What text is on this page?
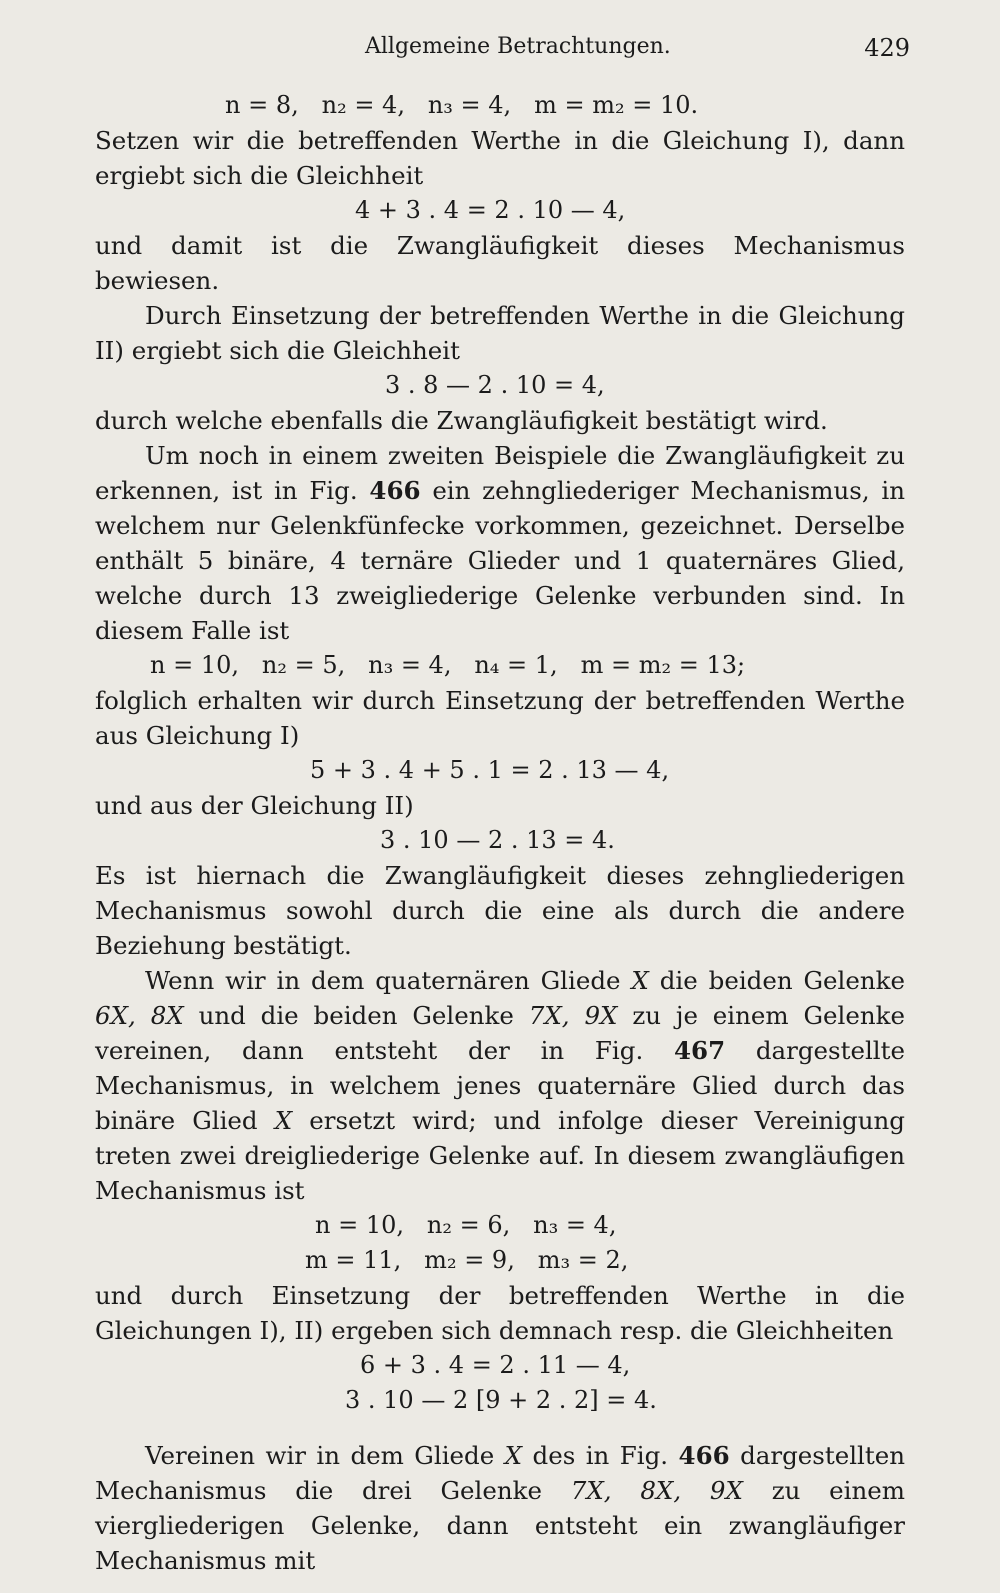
Allgemeine Betrachtungen.	429
n = 8,   n₂ = 4,   n₃ = 4,   m = m₂ = 10.

Setzen wir die betreffenden Werthe in die Gleichung I), dann ergiebt sich die Gleichheit

4 + 3 . 4 = 2 . 10 — 4,

und damit ist die Zwangläufigkeit dieses Mechanismus bewiesen.

Durch Einsetzung der betreffenden Werthe in die Gleichung II) ergiebt sich die Gleichheit

3 . 8 — 2 . 10 = 4,

durch welche ebenfalls die Zwangläufigkeit bestätigt wird.

Um noch in einem zweiten Beispiele die Zwangläufigkeit zu erkennen, ist in Fig. 466 ein zehngliederiger Mechanismus, in welchem nur Gelenkfünfecke vorkommen, gezeichnet. Derselbe enthält 5 binäre, 4 ternäre Glieder und 1 quaternäres Glied, welche durch 13 zweigliederige Gelenke verbunden sind. In diesem Falle ist

n = 10,   n₂ = 5,   n₃ = 4,   n₄ = 1,   m = m₂ = 13;

folglich erhalten wir durch Einsetzung der betreffenden Werthe aus Gleichung I)

5 + 3 . 4 + 5 . 1 = 2 . 13 — 4,

und aus der Gleichung II)

3 . 10 — 2 . 13 = 4.

Es ist hiernach die Zwangläufigkeit dieses zehngliederigen Mechanismus sowohl durch die eine als durch die andere Beziehung bestätigt.

Wenn wir in dem quaternären Gliede X die beiden Gelenke 6X, 8X und die beiden Gelenke 7X, 9X zu je einem Gelenke vereinen, dann entsteht der in Fig. 467 dargestellte Mechanismus, in welchem jenes quaternäre Glied durch das binäre Glied X ersetzt wird; und infolge dieser Vereinigung treten zwei dreigliederige Gelenke auf. In diesem zwangläufigen Mechanismus ist

n = 10,   n₂ = 6,   n₃ = 4,
m = 11,   m₂ = 9,   m₃ = 2,

und durch Einsetzung der betreffenden Werthe in die Gleichungen I), II) ergeben sich demnach resp. die Gleichheiten

6 + 3 . 4 = 2 . 11 — 4,
3 . 10 — 2 [9 + 2 . 2] = 4.

Vereinen wir in dem Gliede X des in Fig. 466 dargestellten Mechanismus die drei Gelenke 7X, 8X, 9X zu einem viergliederigen Gelenke, dann entsteht ein zwangläufiger Mechanismus mit
